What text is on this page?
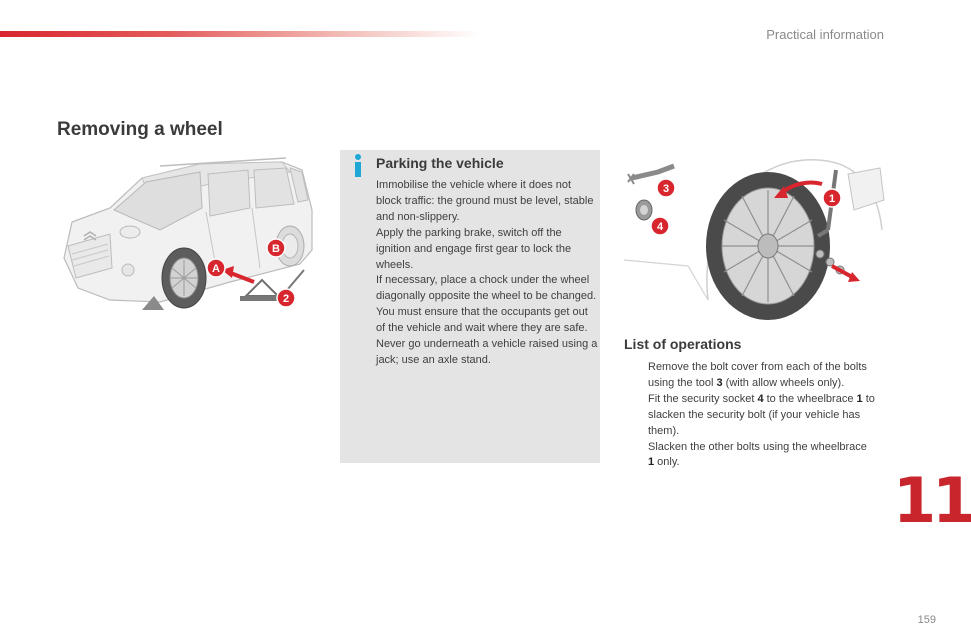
Practical information
Removing a wheel
A
B
2
Parking the vehicle

Immobilise the vehicle where it does not block traffic: the ground must be level, stable and non-slippery.

Apply the parking brake, switch off the ignition and engage first gear to lock the wheels.

If necessary, place a chock under the wheel diagonally opposite the wheel to be changed.

You must ensure that the occupants get out of the vehicle and wait where they are safe.

Never go underneath a vehicle raised using a jack; use an axle stand.

3
4
1
List of operations
Remove the bolt cover from each of the bolts using the tool 3 (with allow wheels only).
Fit the security socket 4 to the wheelbrace 1 to slacken the security bolt (if your vehicle has them).
Slacken the other bolts using the wheelbrace 1 only.
11
159
